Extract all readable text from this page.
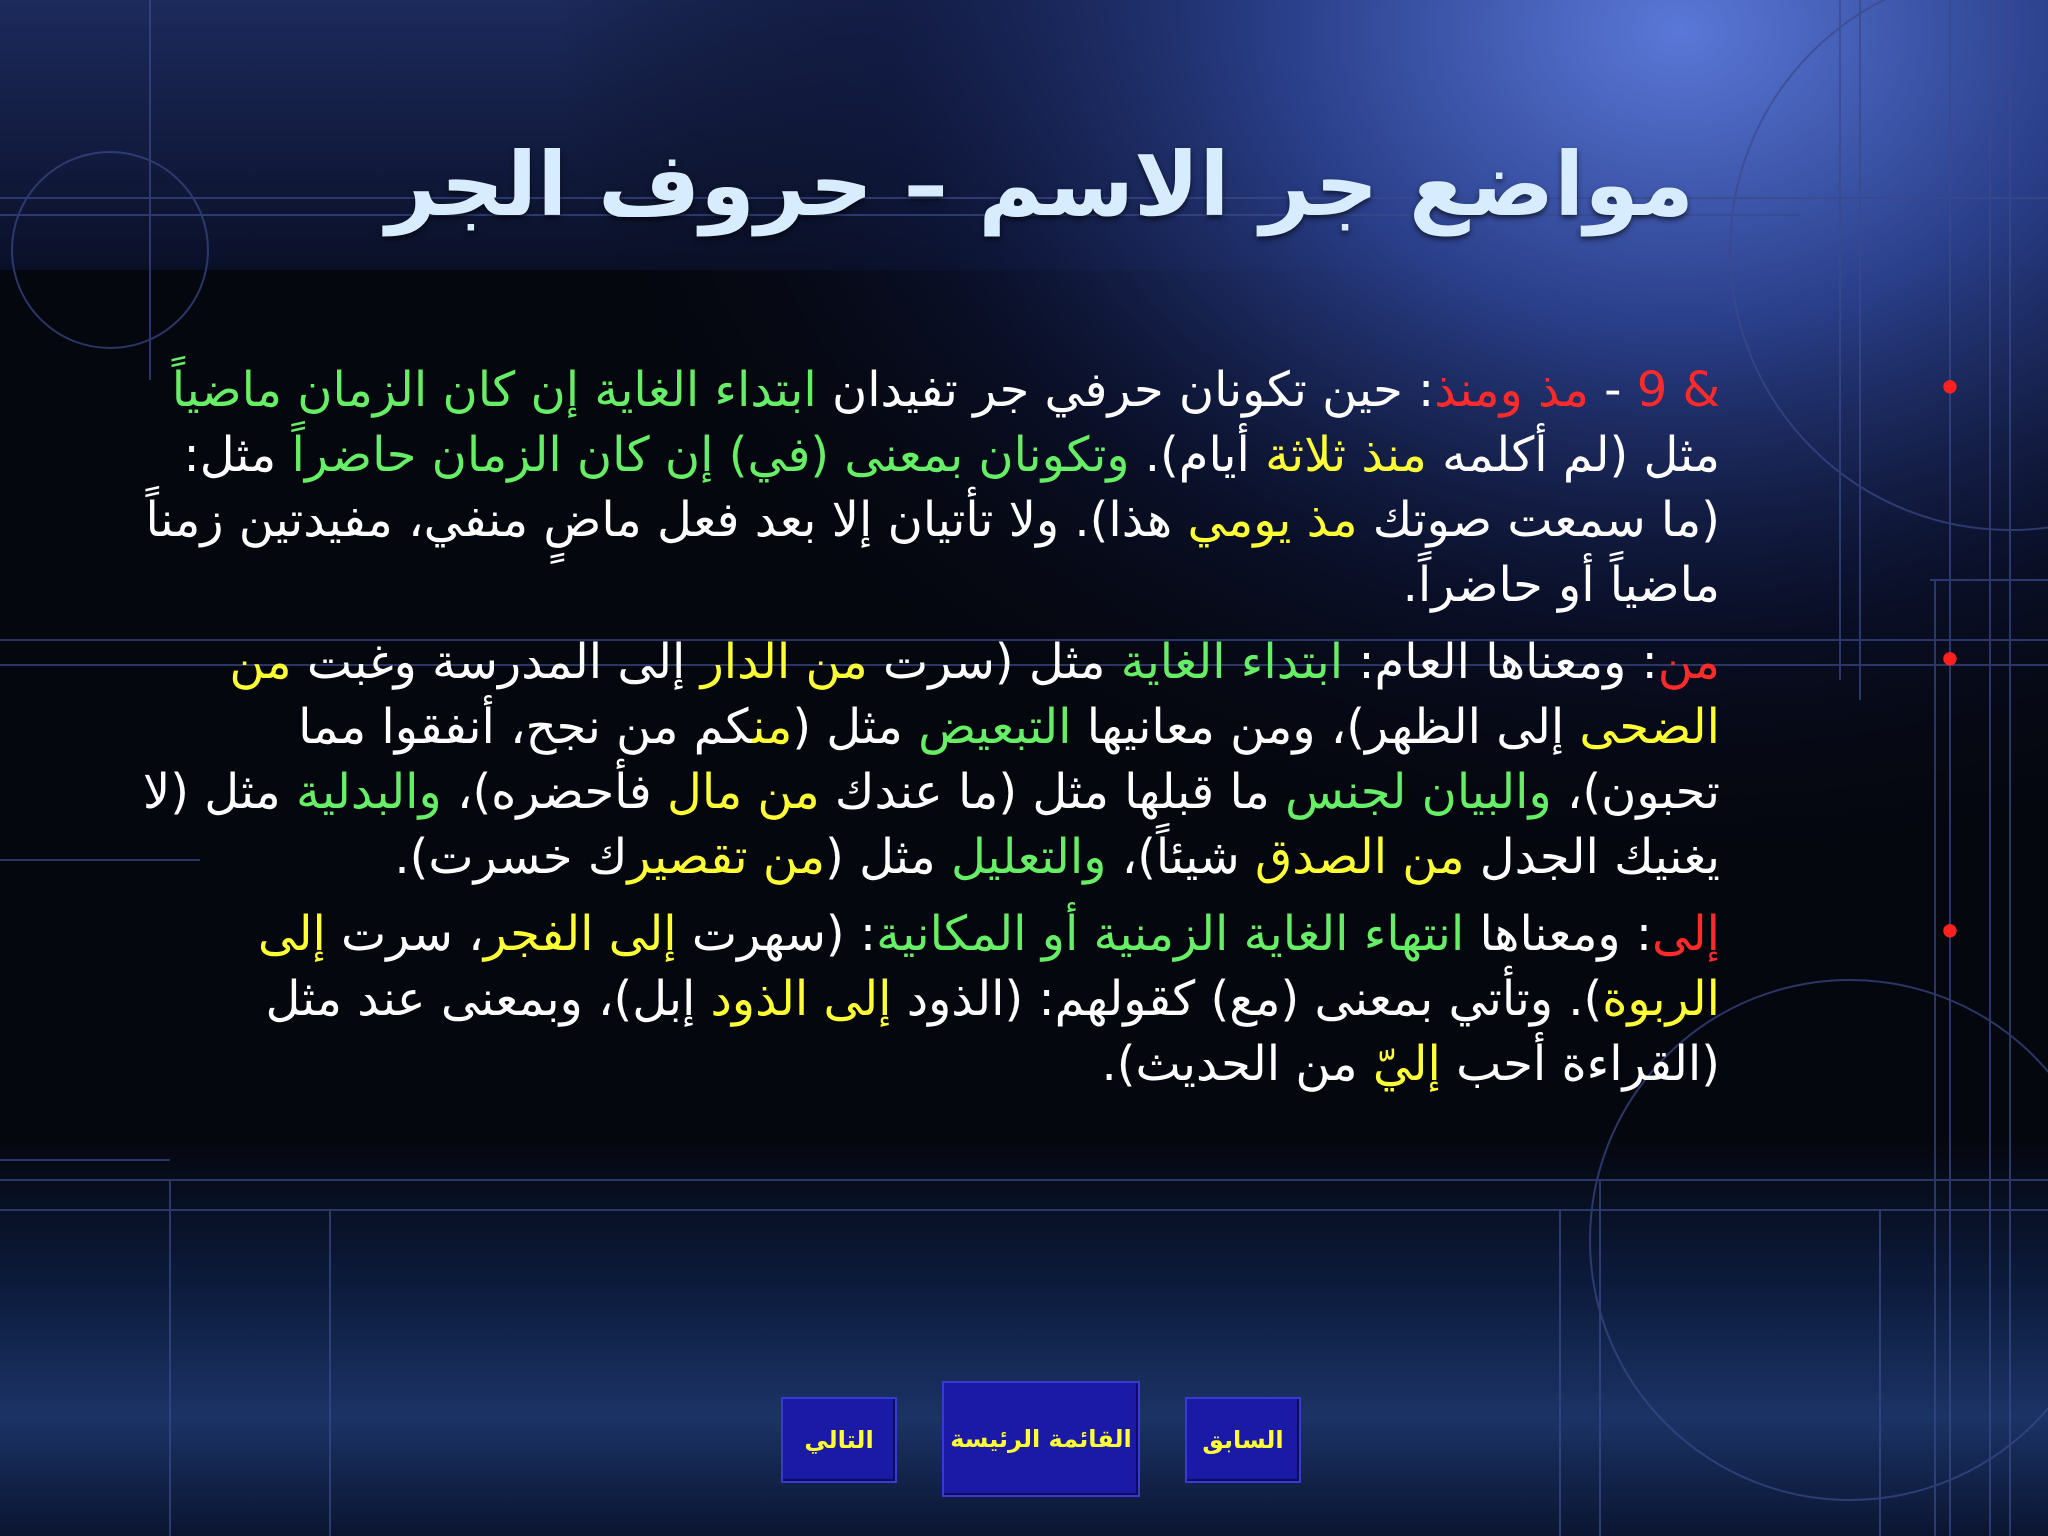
مواضع جر الاسم – حروف الجر
•
& 9 - مذ ومنذ: حين تكونان حرفي جر تفيدان ابتداء الغاية إن كان الزمان ماضياً مثل (لم أكلمه منذ ثلاثة أيام). وتكونان بمعنى (في) إن كان الزمان حاضراً مثل: (ما سمعت صوتك مذ يومي هذا). ولا تأتيان إلا بعد فعل ماضٍ منفي، مفيدتين زمناً ماضياً أو حاضراً.
•
من: ومعناها العام: ابتداء الغاية مثل (سرت من الدار إلى المدرسة وغبت من الضحى إلى الظهر)، ومن معانيها التبعيض مثل (منكم من نجح، أنفقوا مما تحبون)، والبيان لجنس ما قبلها مثل (ما عندك من مال فأحضره)، والبدلية مثل (لا يغنيك الجدل من الصدق شيئاً)، والتعليل مثل (من تقصيرك خسرت).
•
إلى: ومعناها انتهاء الغاية الزمنية أو المكانية: (سهرت إلى الفجر، سرت إلى الربوة). وتأتي بمعنى (مع) كقولهم: (الذود إلى الذود إبل)، وبمعنى عند مثل (القراءة أحب إليّ من الحديث).
التالي	القائمة الرئيسة	السابق
